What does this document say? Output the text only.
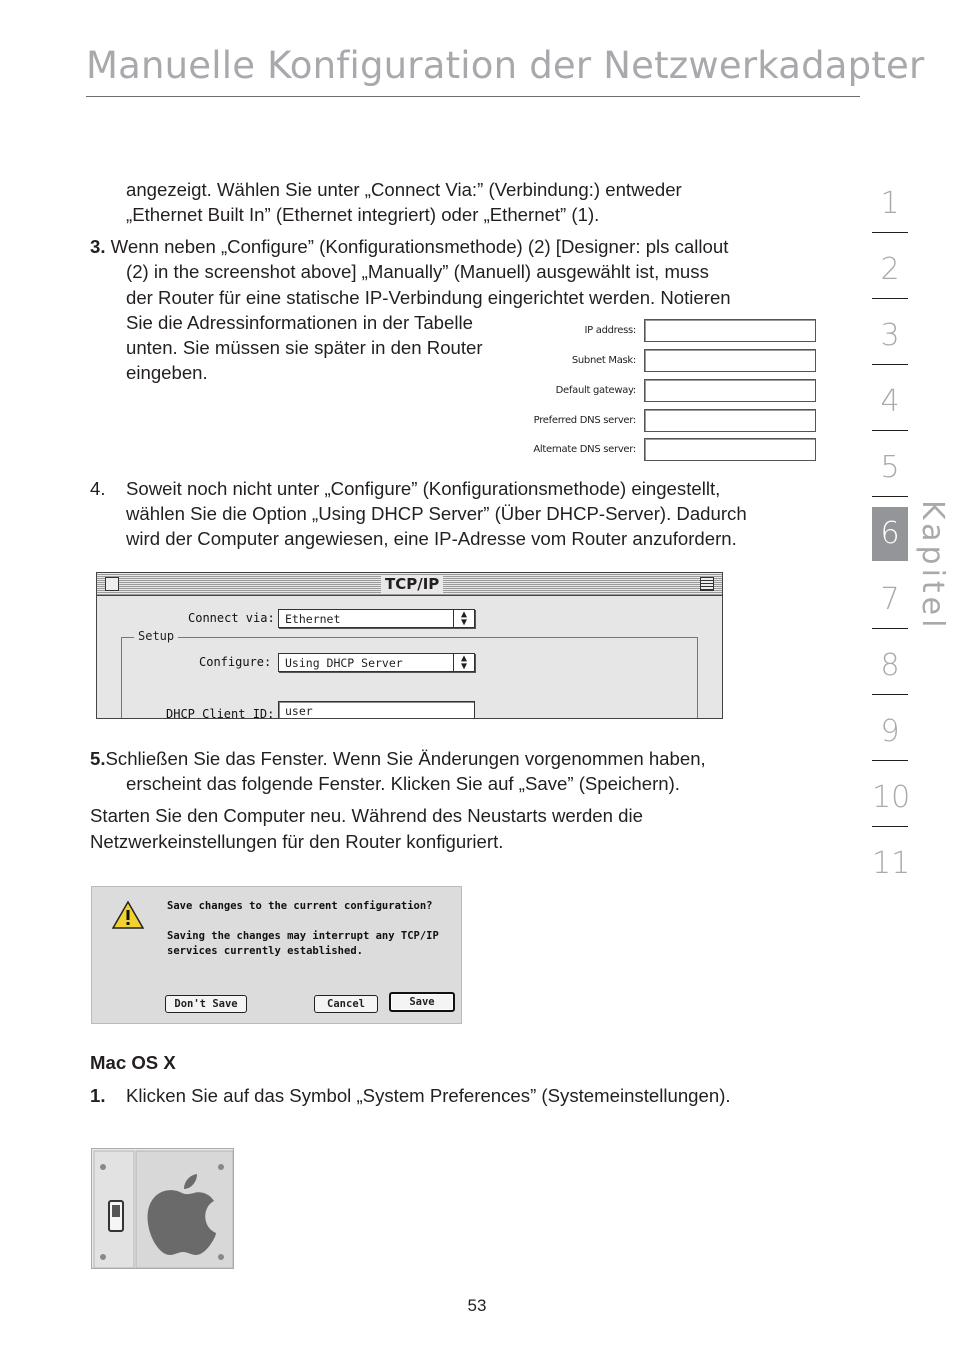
Manuelle Konfiguration der Netzwerkadapter
1
2
3
4
5
6
7
8
9
10
11
Kapitel
angezeigt. Wählen Sie unter „Connect Via:” (Verbindung:) entweder
„Ethernet Built In” (Ethernet integriert) oder „Ethernet” (1).
3. Wenn neben „Configure” (Konfigurationsmethode) (2) [Designer: pls callout
(2) in the screenshot above] „Manually” (Manuell) ausgewählt ist, muss
der Router für eine statische IP-Verbindung eingerichtet werden. Notieren
Sie die Adressinformationen in der Tabelle
unten. Sie müssen sie später in den Router
eingeben.
IP address:
Subnet Mask:
Default gateway:
Preferred DNS server:
Alternate DNS server:
4. Soweit noch nicht unter „Configure” (Konfigurationsmethode) eingestellt,
wählen Sie die Option „Using DHCP Server” (Über DHCP-Server). Dadurch
wird der Computer angewiesen, eine IP-Adresse vom Router anzufordern.
TCP/IP
Connect via: Ethernet	▲
▼
Setup
Configure:	Using DHCP Server	▲
▼
DHCP Client ID: user
5.Schließen Sie das Fenster. Wenn Sie Änderungen vorgenommen haben,
erscheint das folgende Fenster. Klicken Sie auf „Save” (Speichern).
Starten Sie den Computer neu. Während des Neustarts werden die
Netzwerkeinstellungen für den Router konfiguriert.
Save changes to the current configuration?
Saving the changes may interrupt any TCP/IP
services currently established.
Don't Save	Cancel	Save
Mac OS X
1. Klicken Sie auf das Symbol „System Preferences” (Systemeinstellungen).
53
